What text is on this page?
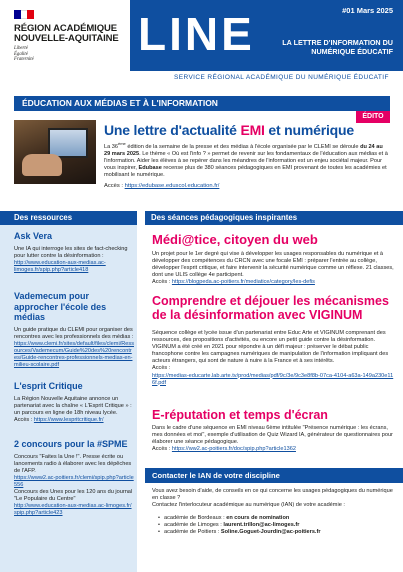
RÉGION ACADÉMIQUE
NOUVELLE-AQUITAINE
Liberté
Égalité
Fraternité LINE	#01 Mars 2025
LA LETTRE D'INFORMATION DU NUMÉRIQUE ÉDUCATIF
SERVICE RÉGIONAL ACADÉMIQUE DU NUMÉRIQUE ÉDUCATIF
ÉDUCATION AUX MÉDIAS ET À L'INFORMATION
ÉDITO
Une lettre d'actualité EMI et numérique
La 36ème édition de la semaine de la presse et des médias à l'école organisée par le CLEMI se déroule du 24 au 29 mars 2025. Le thème « Où est l'info ? » permet de revenir sur les fondamentaux de l'éducation aux médias et à l'information. Aider les élèves à se repérer dans les méandres de l'information est un enjeu sociétal majeur. Pour vous inspirer, Edubase recense plus de 380 séances pédagogiques en EMI provenant de toutes les académies et mobilisant le numérique.
Accès : https://edubase.eduscol.education.fr/
Des ressources
Ask Vera
Une IA qui interroge les sites de fact-checking pour lutter contre la désinformation :
http://www.education-aux-medias.ac-limoges.fr/spip.php?article418
Vademecum pour approcher l'école des médias
Un guide pratique du CLEMI pour organiser des rencontres avec les professionnels des médias :
https://www.clemi.fr/sites/default/files/clemi/Ressources/Vademecum/Guide%20des%20rencontres/Guide-rencontres-professionnels-medias-en-milieu-scolaire.pdf
L'esprit Critique
La Région Nouvelle Aquitaine annonce un partenariat avec la chaîne « L'Esprit Critique » : un parcours en ligne de 18h niveau lycée.
Accès : https://www.lespritcritique.fr/
2 concours pour la #SPME
Concours "Faites la Une !". Presse écrite ou lancements radio à élaborer avec les dépêches de l'AFP.
https://www2.ac-poitiers.fr/clemi/spip.php?article556
Concours des Unes pour les 120 ans du journal "Le Populaire du Centre"
http://www.education-aux-medias.ac-limoges.fr/spip.php?article423
Des séances pédagogiques inspirantes
Médi@tice, citoyen du web
Un projet pour le 1er degré qui vise à développer les usages responsables du numérique et à développer des compétences du CRCN avec une focale EMI : préparer l'entrée au collège, développer l'esprit critique, et faire intervenir la sécurité numérique comme un réflexe. 21 classes, dont une ULIS collège 4e participent.
Accès : https://blogpeda.ac-poitiers.fr/mediatice/category/les-defis
Comprendre et déjouer les mécanismes de la désinformation avec VIGINUM
Séquence collège et lycée issue d'un partenariat entre Educ Arte et VIGINUM comprenant des ressources, des propositions d'activités, ou encore un petit guide contre la désinformation. VIGINUM a été créé en 2021 pour répondre à un défi majeur : préserver le débat public francophone contre les campagnes numériques de manipulation de l'information impliquant des acteurs étrangers, qui sont de nature à nuire à la France et à ses intérêts.
Accès :
https://medias-educarte.lab.arte.tv/prod/medias/pdf/9c/3e/9c3e8f8b-07ca-4104-a63a-149a230e116f.pdf
E-réputation et temps d'écran
Dans le cadre d'une séquence en EMI niveau 6ème intitulée "Présence numérique : les écrans, mes données et moi", exemple d'utilisation de Quiz Wizard IA, générateur de questionnaires pour élaborer une séance pédagogique.
Accès : https://ww2.ac-poitiers.fr/doc/spip.php?article1362
Contacter le IAN de votre discipline
Vous avez besoin d'aide, de conseils en ce qui concerne les usages pédagogiques du numérique en classe ?
Contactez l'interlocuteur académique au numérique (IAN) de votre académie :
• académie de Bordeaux : en cours de nomination
• académie de Limoges : laurent.trillon@ac-limoges.fr
• académie de Poitiers : Soline.Goguet-Jourdin@ac-poitiers.fr
